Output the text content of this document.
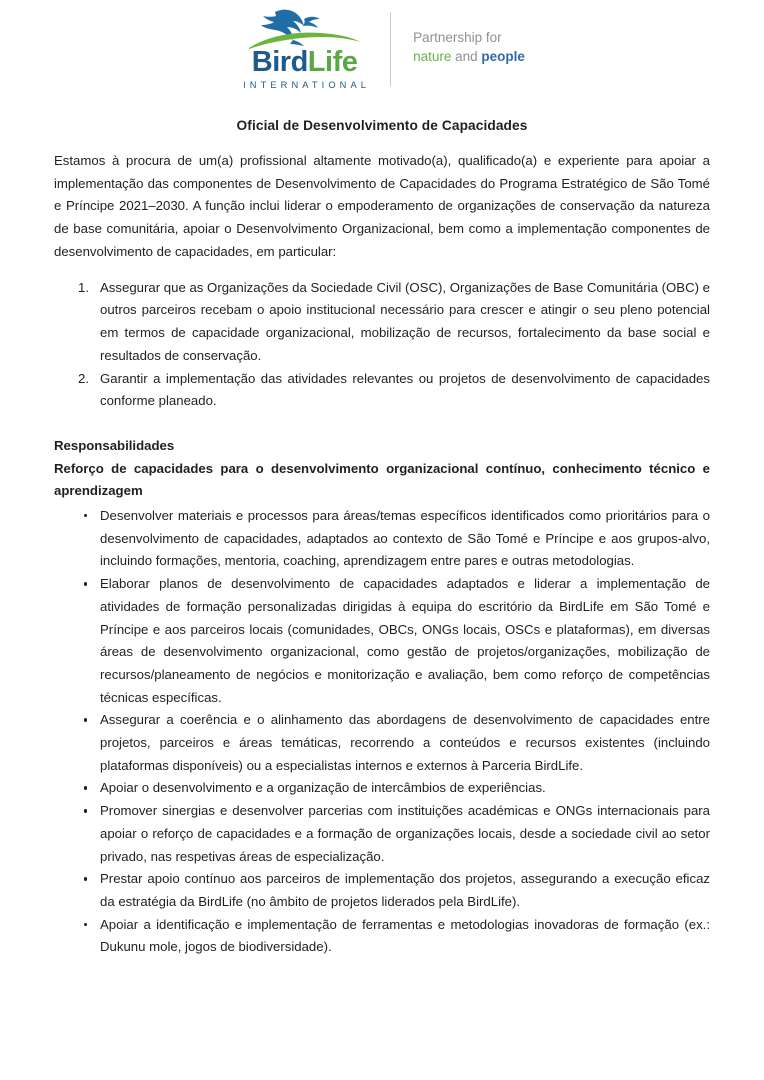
BirdLife
INTERNATIONAL
Partnership for
nature and people
Oficial de Desenvolvimento de Capacidades

Estamos à procura de um(a) profissional altamente motivado(a), qualificado(a) e experiente para apoiar a implementação das componentes de Desenvolvimento de Capacidades do Programa Estratégico de São Tomé e Príncipe 2021–2030. A função inclui liderar o empoderamento de organizações de conservação da natureza de base comunitária, apoiar o Desenvolvimento Organizacional, bem como a implementação componentes de desenvolvimento de capacidades, em particular:

Assegurar que as Organizações da Sociedade Civil (OSC), Organizações de Base Comunitária (OBC) e outros parceiros recebam o apoio institucional necessário para crescer e atingir o seu pleno potencial em termos de capacidade organizacional, mobilização de recursos, fortalecimento da base social e resultados de conservação.
Garantir a implementação das atividades relevantes ou projetos de desenvolvimento de capacidades conforme planeado.
Responsabilidades
Reforço de capacidades para o desenvolvimento organizacional contínuo, conhecimento técnico e aprendizagem
Desenvolver materiais e processos para áreas/temas específicos identificados como prioritários para o desenvolvimento de capacidades, adaptados ao contexto de São Tomé e Príncipe e aos grupos-alvo, incluindo formações, mentoria, coaching, aprendizagem entre pares e outras metodologias.
Elaborar planos de desenvolvimento de capacidades adaptados e liderar a implementação de atividades de formação personalizadas dirigidas à equipa do escritório da BirdLife em São Tomé e Príncipe e aos parceiros locais (comunidades, OBCs, ONGs locais, OSCs e plataformas), em diversas áreas de desenvolvimento organizacional, como gestão de projetos/organizações, mobilização de recursos/planeamento de negócios e monitorização e avaliação, bem como reforço de competências técnicas específicas.
Assegurar a coerência e o alinhamento das abordagens de desenvolvimento de capacidades entre projetos, parceiros e áreas temáticas, recorrendo a conteúdos e recursos existentes (incluindo plataformas disponíveis) ou a especialistas internos e externos à Parceria BirdLife.
Apoiar o desenvolvimento e a organização de intercâmbios de experiências.
Promover sinergias e desenvolver parcerias com instituições académicas e ONGs internacionais para apoiar o reforço de capacidades e a formação de organizações locais, desde a sociedade civil ao setor privado, nas respetivas áreas de especialização.
Prestar apoio contínuo aos parceiros de implementação dos projetos, assegurando a execução eficaz da estratégia da BirdLife (no âmbito de projetos liderados pela BirdLife).
Apoiar a identificação e implementação de ferramentas e metodologias inovadoras de formação (ex.: Dukunu mole, jogos de biodiversidade).
